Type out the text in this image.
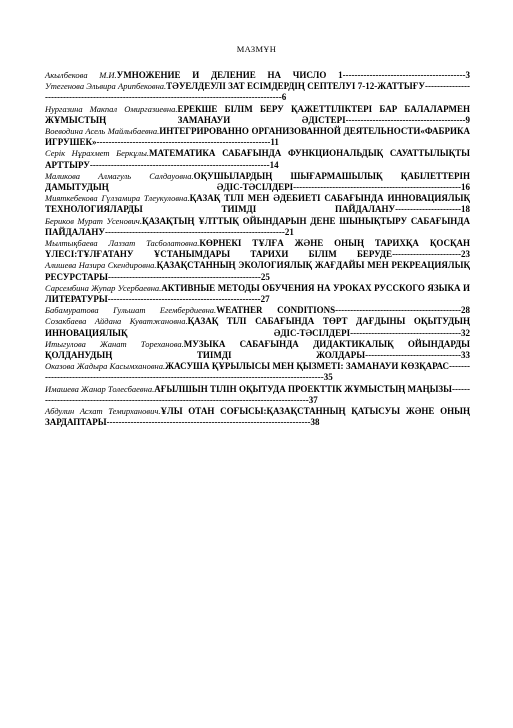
МАЗМҰН
Акылбекова М.И.УМНОЖЕНИЕ И ДЕЛЕНИЕ НА ЧИСЛО 1-----------------------------------------3
Утегенова Эльвира Арипбековна.ТӘУЕЛДЕУЛІ ЗАТ ЕСІМДЕРДІҢ СЕПТЕЛУІ 7-12-ЖАТТЫҒУ----------------------------------------------------------------------------------------------6
Нургазина Макпал Омиргазиевна.ЕРЕКШЕ БІЛІМ БЕРУ ҚАЖЕТТІЛІКТЕРІ БАР БАЛАЛАРМЕН ЖҰМЫСТЫҢ ЗАМАНАУИ ӘДІСТЕРІ----------------------------------------9
Воеводина Асель Майлыбаевна.ИНТЕГРИРОВАННО ОРГАНИЗОВАННОЙ ДЕЯТЕЛЬНОСТИ«ФАБРИКА ИГРУШЕК»----------------------------------------------------------11
Серік Нұрахмет Беркұлы.МАТЕМАТИКА САБАҒЫНДА ФУНКЦИОНАЛЬДЫҚ САУАТТЫЛЫҚТЫ АРТТЫРУ------------------------------------------------------------14
Маликова Алмагуль Салдауовна.ОҚУШЫЛАРДЫҢ ШЫҒАРМАШЫЛЫҚ ҚАБІЛЕТТЕРІН ДАМЫТУДЫҢ ӘДІС-ТӘСІЛДЕРІ--------------------------------------------------------16
Мияткебекова Гүлзамира Тлеукуловна.ҚАЗАҚ ТІЛІ МЕН ӘДЕБИЕТІ САБАҒЫНДА ИННОВАЦИЯЛЫҚ ТЕХНОЛОГИЯЛАРДЫ ТИІМДІ ПАЙДАЛАНУ----------------------18
Бериков Мурат Усенович.ҚАЗАҚТЫҢ ҰЛТТЫҚ ОЙЫНДАРЫН ДЕНЕ ШЫНЫҚТЫРУ САБАҒЫНДА ПАЙДАЛАНУ------------------------------------------------------------21
Мылтықбаева Лаззат Тасболатовна.КӨРНЕКІ ТҰЛҒА ЖӘНЕ ОНЫҢ ТАРИХҚА ҚОСҚАН ҮЛЕСІ:ТҰЛҒАТАНУ ҰСТАНЫМДАРЫ ТАРИХИ БІЛІМ БЕРУДЕ-----------------------23
Алишева Назира Скендировна.ҚАЗАҚСТАННЫҢ ЭКОЛОГИЯЛЫҚ ЖАҒДАЙЫ МЕН РЕКРЕАЦИЯЛЫҚ РЕСУРСТАРЫ---------------------------------------------------25
Сарсембина Жупар Усербаевна.АКТИВНЫЕ МЕТОДЫ ОБУЧЕНИЯ НА УРОКАХ РУССКОГО ЯЗЫКА И ЛИТЕРАТУРЫ---------------------------------------------------27
Бабамуратова Гульшат Егембердиевна.WEATHER CONDITIONS------------------------------------------28
Созакбаева Айдана Куватжановна.ҚАЗАҚ ТІЛІ САБАҒЫНДА ТӨРТ ДАҒДЫНЫ ОҚЫТУДЫҢ ИННОВАЦИЯЛЫҚ ӘДІС-ТӘСІЛДЕРІ-------------------------------------32
Итыгулова Жанат Тореханова.МУЗЫКА САБАҒЫНДА ДИДАКТИКАЛЫҚ ОЙЫНДАРДЫ ҚОЛДАНУДЫҢ ТИІМДІ ЖОЛДАРЫ--------------------------------33
Оказова Жадыра Касымхановна.ЖАСУША ҚҰРЫЛЫСЫ МЕН ҚЫЗМЕТІ: ЗАМАНАУИ КӨЗҚАРАС----------------------------------------------------------------------------------------------------35
Имашева Жанар Толесбаевна.АҒЫЛШЫН ТІЛІН ОҚЫТУДА ПРОЕКТТІК ЖҰМЫСТЫҢ МАҢЫЗЫ----------------------------------------------------------------------------------------------37
Абдулин Асхат Темирханович.ҰЛЫ ОТАН СОҒЫСЫ:ҚАЗАҚСТАННЫҢ ҚАТЫСУЫ ЖӘНЕ ОНЫҢ ЗАРДАПТАРЫ--------------------------------------------------------------------38
